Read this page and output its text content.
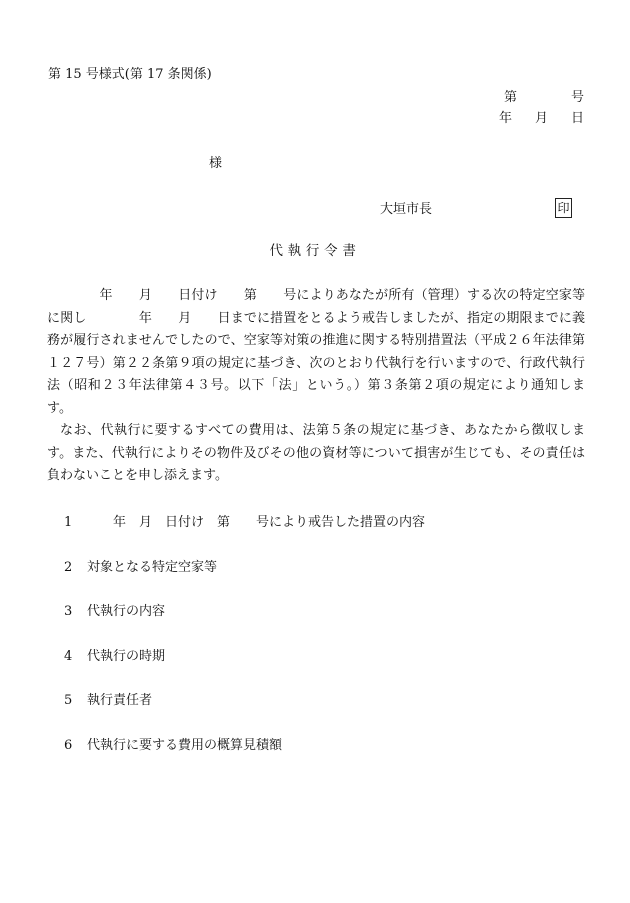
第 15 号様式(第 17 条関係)
第	号
年 月 日
様
大垣市長	印
代執行令書

　　　　年　　月　　日付け　　第　　号によりあなたが所有（管理）する次の特定空家等に関し　　　　年　　月　　日までに措置をとるよう戒告しましたが、指定の期限までに義務が履行されませんでしたので、空家等対策の推進に関する特別措置法（平成２６年法律第１２７号）第２２条第９項の規定に基づき、次のとおり代執行を行いますので、行政代執行法（昭和２３年法律第４３号。以下「法」という。）第３条第２項の規定により通知します。

なお、代執行に要するすべての費用は、法第５条の規定に基づき、あなたから徴収します。また、代執行によりその物件及びその他の資材等について損害が生じても、その責任は負わないことを申し添えます。

1　　年　月　日付け　第　　号により戒告した措置の内容
2 対象となる特定空家等
3 代執行の内容
4 代執行の時期
5 執行責任者
6 代執行に要する費用の概算見積額
